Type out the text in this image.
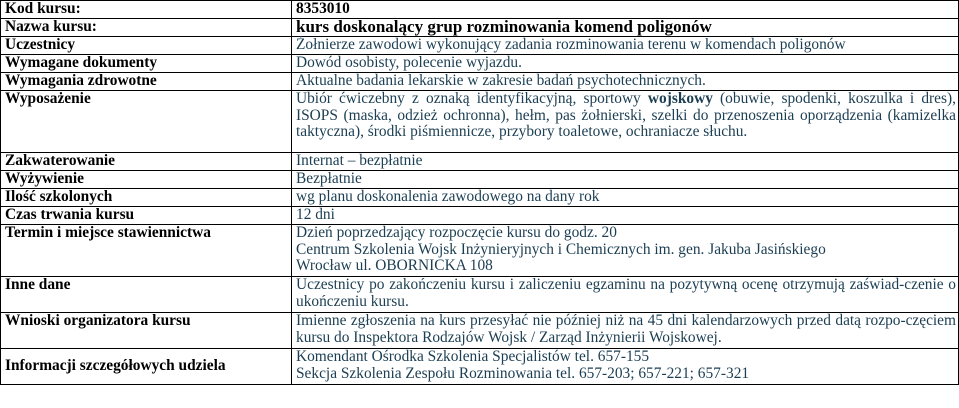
Kod kursu:	8353010
Nazwa kursu:	kurs doskonalący grup rozminowania komend poligonów
Uczestnicy	Żołnierze zawodowi wykonujący zadania rozminowania terenu w komendach poligonów
Wymagane dokumenty	Dowód osobisty, polecenie wyjazdu.
Wymagania zdrowotne	Aktualne badania lekarskie w zakresie badań psychotechnicznych.
Wyposażenie	Ubiór ćwiczebny z oznaką identyfikacyjną, sportowy wojskowy (obuwie, spodenki, koszulka i dres), ISOPS (maska, odzież ochronna), hełm, pas żołnierski, szelki do przenoszenia oporządzenia (kamizelka taktyczna), środki piśmiennicze, przybory toaletowe, ochraniacze słuchu.
Zakwaterowanie	Internat – bezpłatnie
Wyżywienie	Bezpłatnie
Ilość szkolonych	wg planu doskonalenia zawodowego na dany rok
Czas trwania kursu	12 dni
Termin i miejsce stawiennictwa	Dzień poprzedzający rozpoczęcie kursu do godz. 20
Centrum Szkolenia Wojsk Inżynieryjnych i Chemicznych im. gen. Jakuba Jasińskiego
Wrocław ul. OBORNICKA 108

Inne dane	Uczestnicy po zakończeniu kursu i zaliczeniu egzaminu na pozytywną ocenę otrzymują zaświad-czenie o ukończeniu kursu.
Wnioski organizatora kursu	Imienne zgłoszenia na kurs przesyłać nie później niż na 45 dni kalendarzowych przed datą rozpo-częciem kursu do Inspektora Rodzajów Wojsk / Zarząd Inżynierii Wojskowej.
Informacji szczegółowych udziela	Komendant Ośrodka Szkolenia Specjalistów tel. 657-155
Sekcja Szkolenia Zespołu Rozminowania tel. 657-203; 657-221; 657-321
